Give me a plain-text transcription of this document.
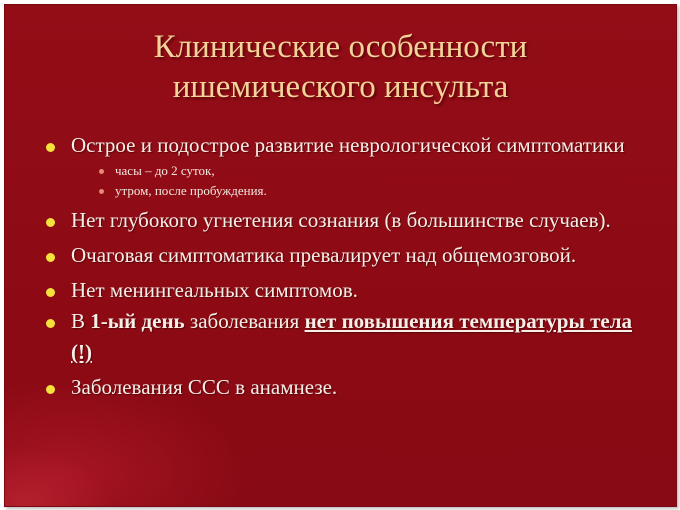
Клинические особенности
ишемического инсульта
Острое и подострое развитие неврологической симптоматики
часы – до 2 суток,
утром, после пробуждения.
Нет глубокого угнетения сознания (в большинстве случаев).
Очаговая симптоматика превалирует над общемозговой.
Нет менингеальных симптомов.
В 1-ый день заболевания нет повышения температуры тела (!)
Заболевания ССС в анамнезе.
